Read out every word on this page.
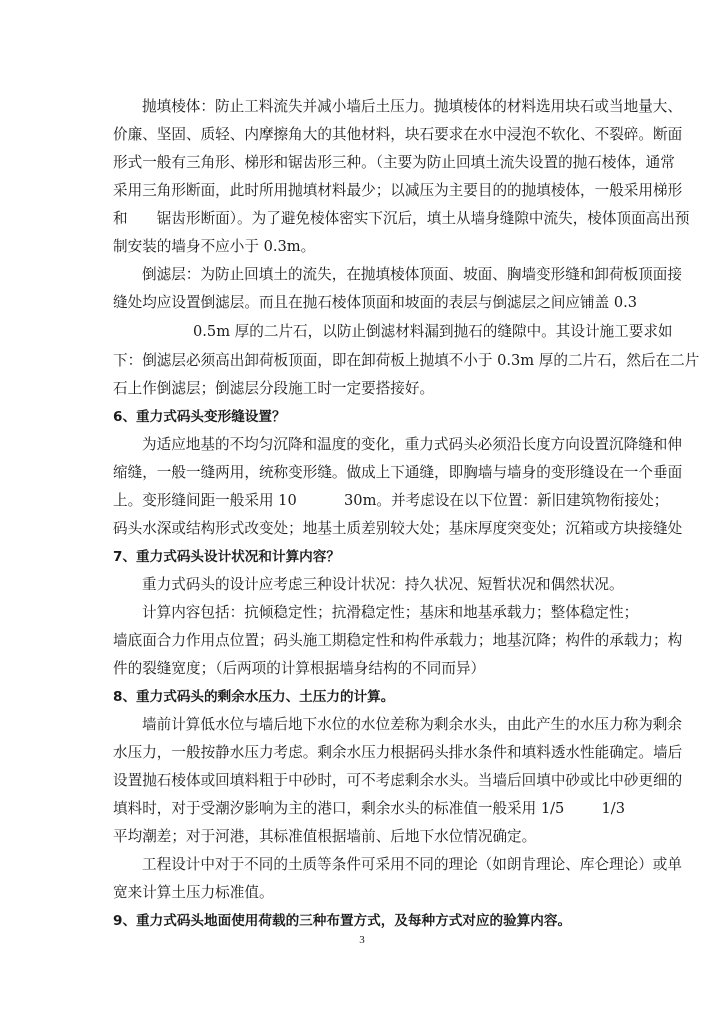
抛填棱体：防止工料流失并减小墙后土压力。抛填棱体的材料选用块石或当地量大、
价廉、坚固、质轻、内摩擦角大的其他材料，块石要求在水中浸泡不软化、不裂碎。断面
形式一般有三角形、梯形和锯齿形三种。（主要为防止回填土流失设置的抛石棱体，通常
采用三角形断面，此时所用抛填材料最少；以减压为主要目的的抛填棱体，一般采用梯形
和　　锯齿形断面）。为了避免棱体密实下沉后，填土从墙身缝隙中流失，棱体顶面高出预
制安装的墙身不应小于 0.3m。
倒滤层：为防止回填土的流失，在抛填棱体顶面、坡面、胸墙变形缝和卸荷板顶面接
缝处均应设置倒滤层。而且在抛石棱体顶面和坡面的表层与倒滤层之间应铺盖 0.3
0.5m 厚的二片石，以防止倒滤材料漏到抛石的缝隙中。其设计施工要求如
下：倒滤层必须高出卸荷板顶面，即在卸荷板上抛填不小于 0.3m 厚的二片石，然后在二片
石上作倒滤层；倒滤层分段施工时一定要搭接好。
6、重力式码头变形缝设置？
为适应地基的不均匀沉降和温度的变化，重力式码头必须沿长度方向设置沉降缝和伸
缩缝，一般一缝两用，统称变形缝。做成上下通缝，即胸墙与墙身的变形缝设在一个垂面
上。变形缝间距一般采用 10	30m。并考虑设在以下位置：新旧建筑物衔接处；
码头水深或结构形式改变处；地基土质差别较大处；基床厚度突变处；沉箱或方块接缝处
7、重力式码头设计状况和计算内容？
重力式码头的设计应考虑三种设计状况：持久状况、短暂状况和偶然状况。
计算内容包括：抗倾稳定性；抗滑稳定性；基床和地基承载力；整体稳定性；
墙底面合力作用点位置；码头施工期稳定性和构件承载力；地基沉降；构件的承载力；构
件的裂缝宽度；（后两项的计算根据墙身结构的不同而异）
8、重力式码头的剩余水压力、土压力的计算。
墙前计算低水位与墙后地下水位的水位差称为剩余水头，由此产生的水压力称为剩余
水压力，一般按静水压力考虑。剩余水压力根据码头排水条件和填料透水性能确定。墙后
设置抛石棱体或回填料粗于中砂时，可不考虑剩余水头。当墙后回填中砂或比中砂更细的
填料时，对于受潮汐影响为主的港口，剩余水头的标准值一般采用 1/5	1/3
平均潮差；对于河港，其标准值根据墙前、后地下水位情况确定。
工程设计中对于不同的土质等条件可采用不同的理论（如朗肯理论、库仑理论）或单
宽来计算土压力标准值。
9、重力式码头地面使用荷载的三种布置方式，及每种方式对应的验算内容。
3
